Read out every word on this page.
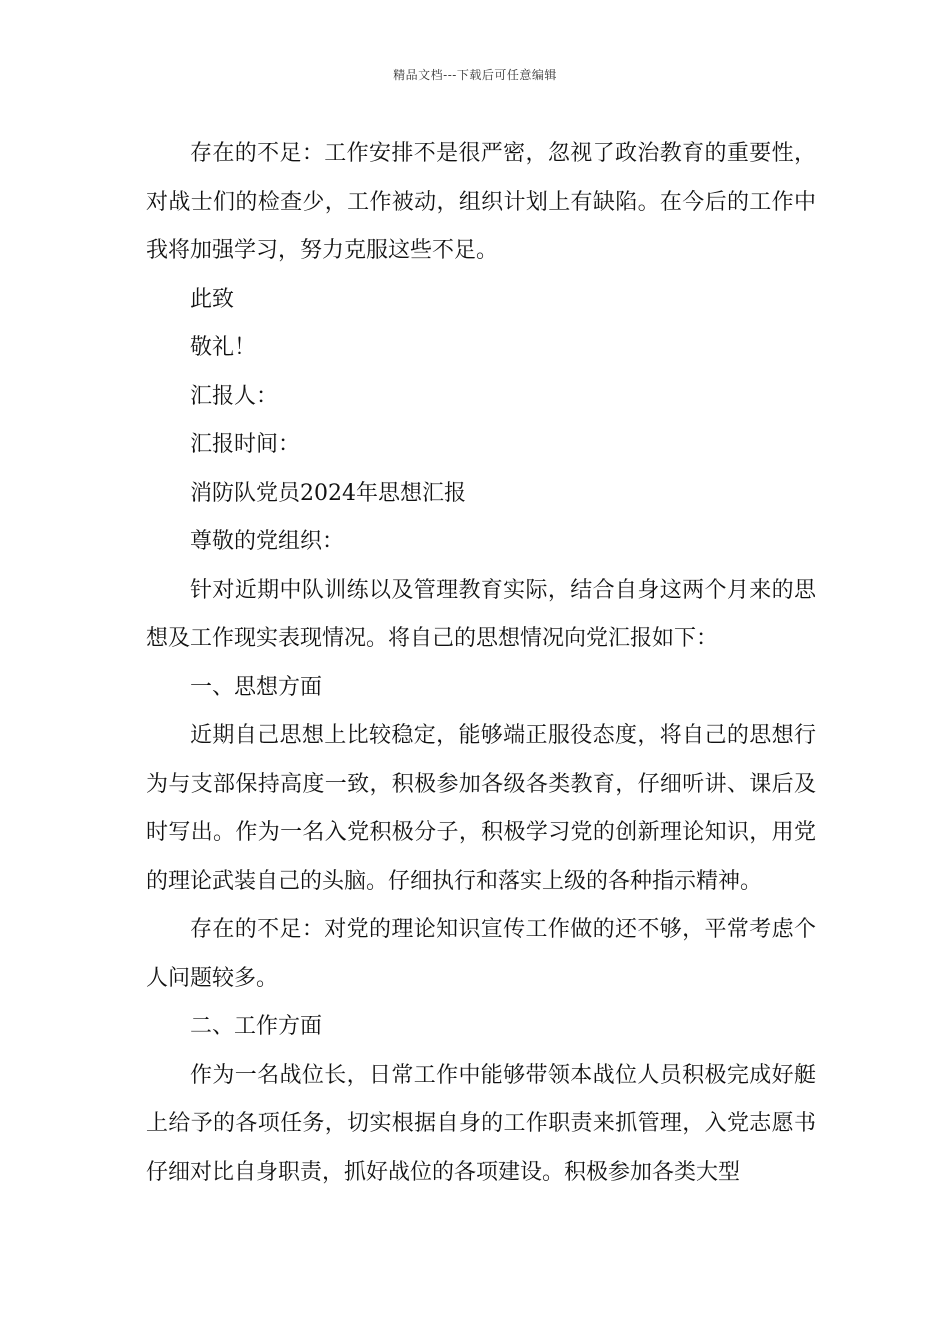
精品文档---下载后可任意编辑

存在的不足：工作安排不是很严密，忽视了政治教育的重要性，对战士们的检查少，工作被动，组织计划上有缺陷。在今后的工作中我将加强学习，努力克服这些不足。

此致

敬礼！

汇报人：

汇报时间：

消防队党员2024年思想汇报

尊敬的党组织：

针对近期中队训练以及管理教育实际，结合自身这两个月来的思想及工作现实表现情况。将自己的思想情况向党汇报如下：

一、思想方面

近期自己思想上比较稳定，能够端正服役态度，将自己的思想行为与支部保持高度一致，积极参加各级各类教育，仔细听讲、课后及时写出。作为一名入党积极分子，积极学习党的创新理论知识，用党的理论武装自己的头脑。仔细执行和落实上级的各种指示精神。

存在的不足：对党的理论知识宣传工作做的还不够，平常考虑个人问题较多。

二、工作方面

作为一名战位长，日常工作中能够带领本战位人员积极完成好艇上给予的各项任务，切实根据自身的工作职责来抓管理，入党志愿书仔细对比自身职责，抓好战位的各项建设。积极参加各类大型
